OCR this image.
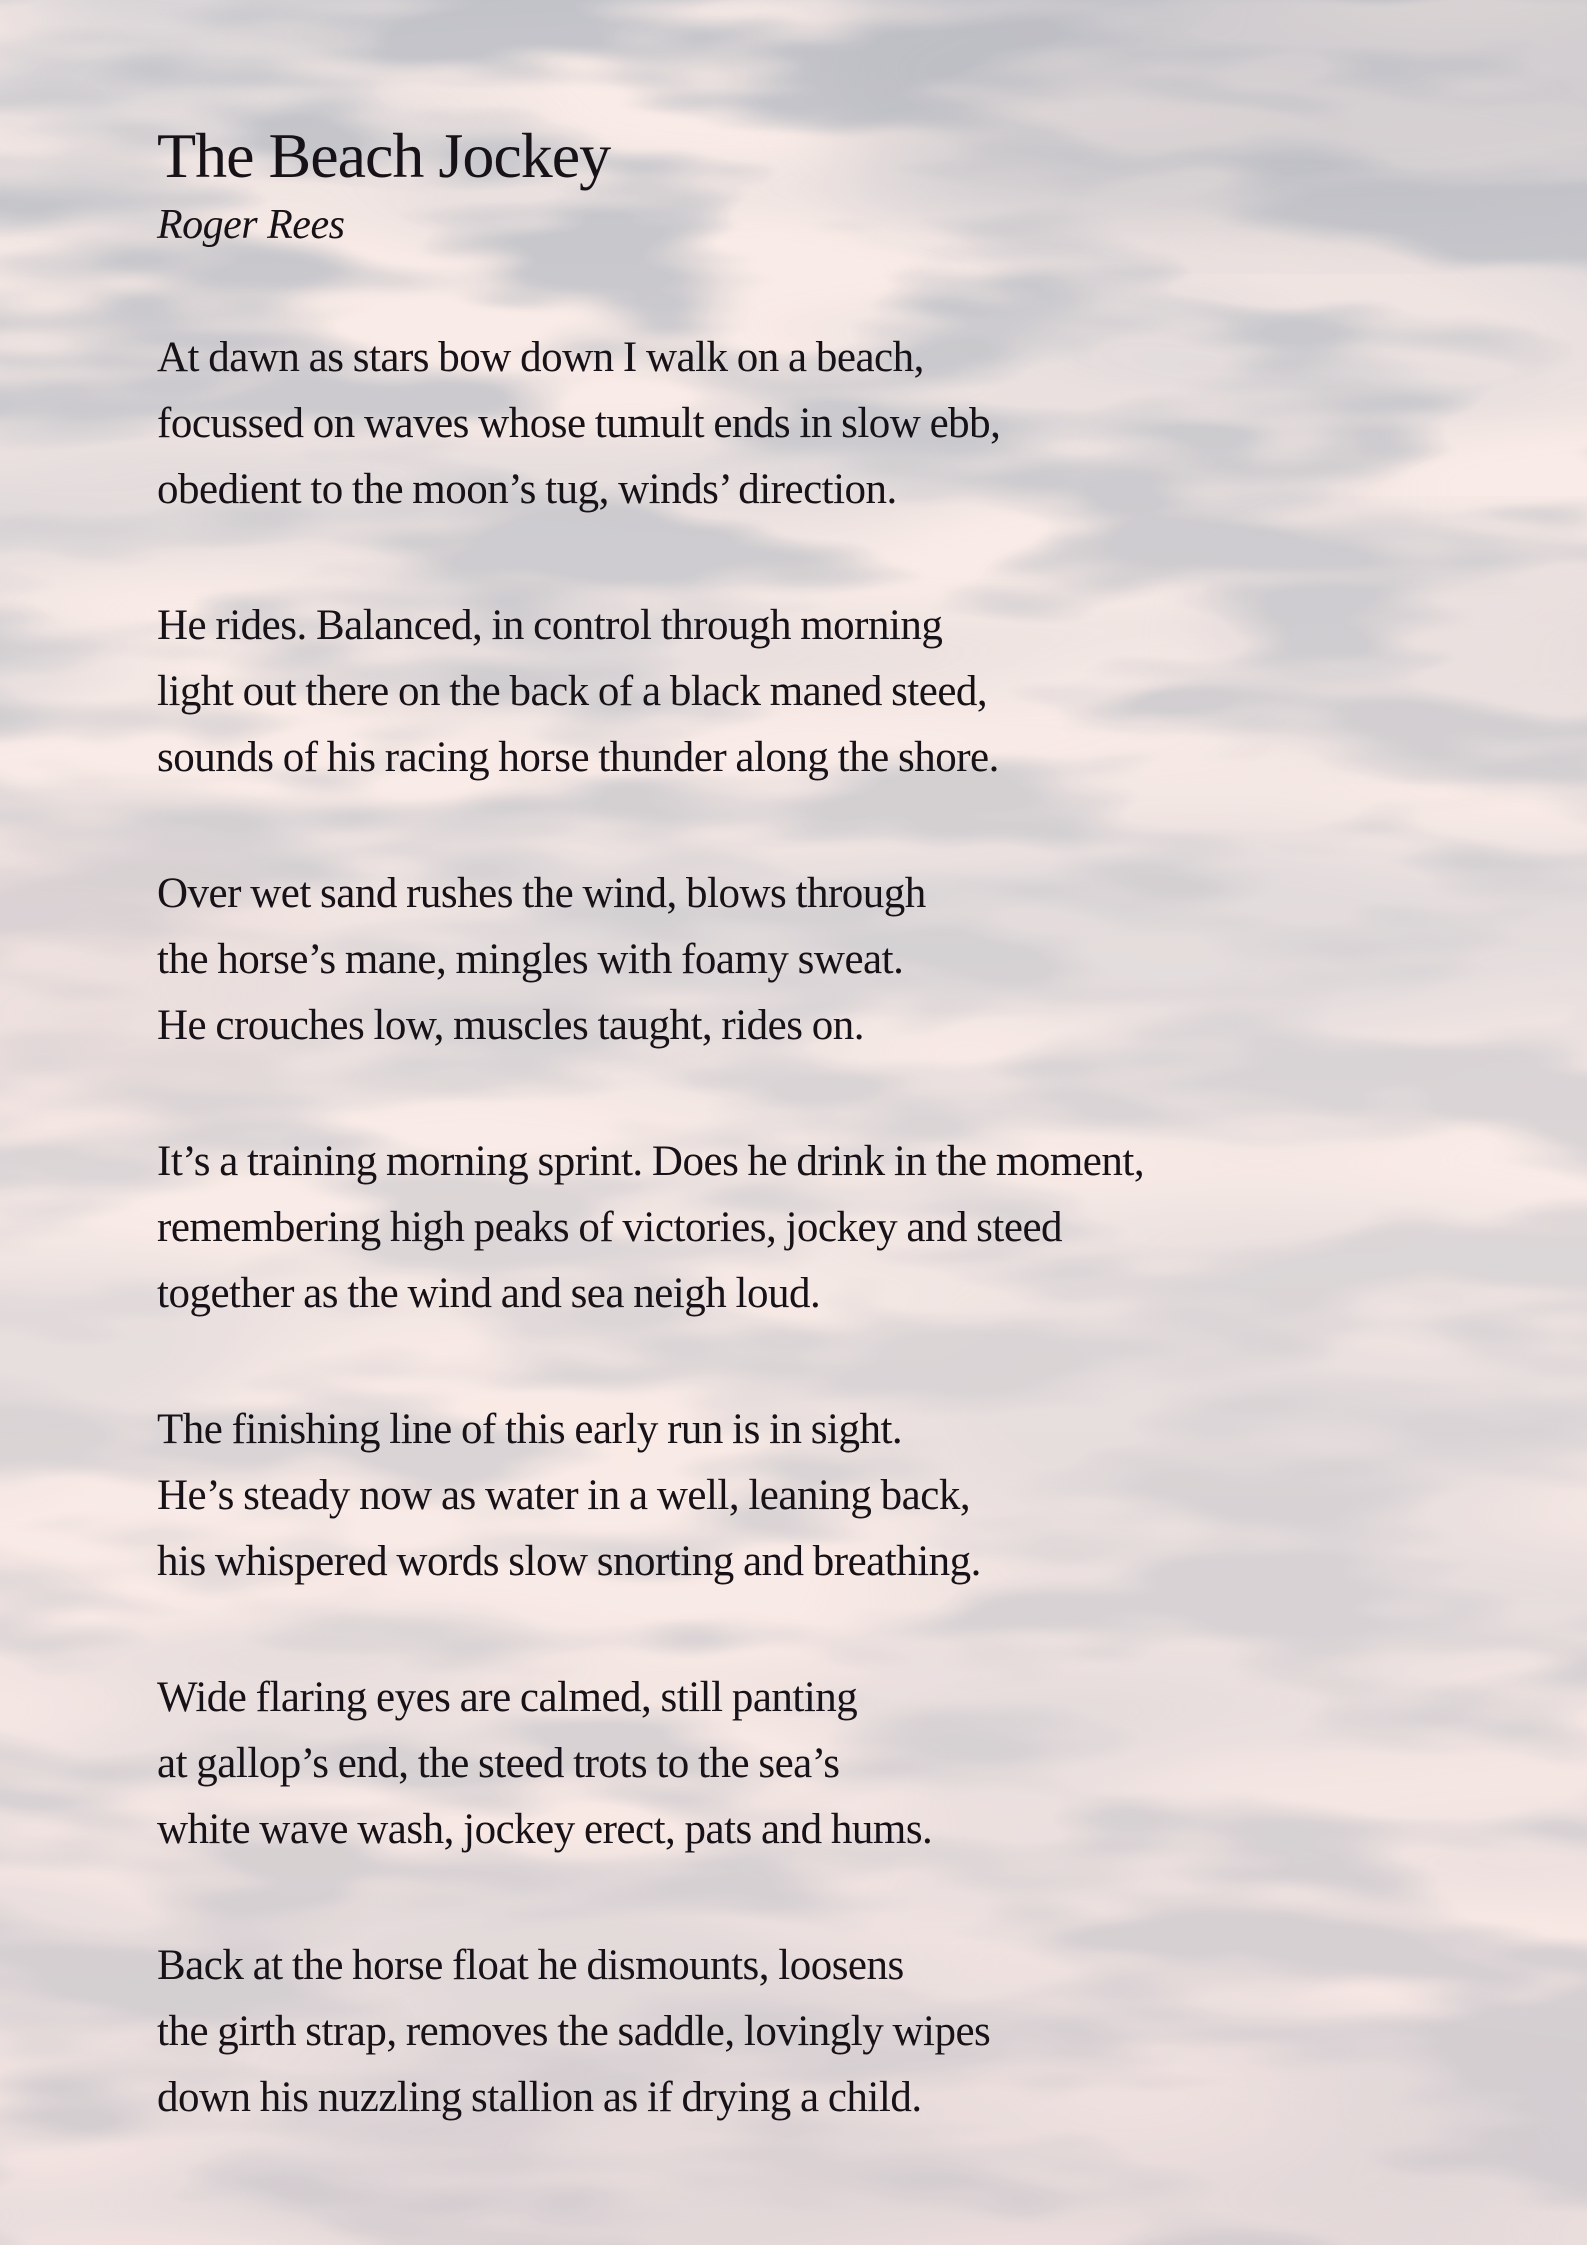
The Beach Jockey

Roger Rees

At dawn as stars bow down I walk on a beach,
focussed on waves whose tumult ends in slow ebb,
obedient to the moon’s tug, winds’ direction.

He rides. Balanced, in control through morning
light out there on the back of a black maned steed,
sounds of his racing horse thunder along the shore.

Over wet sand rushes the wind, blows through
the horse’s mane, mingles with foamy sweat.
He crouches low, muscles taught, rides on.

It’s a training morning sprint. Does he drink in the moment,
remembering high peaks of victories, jockey and steed
together as the wind and sea neigh loud.

The finishing line of this early run is in sight.
He’s steady now as water in a well, leaning back,
his whispered words slow snorting and breathing.

Wide flaring eyes are calmed, still panting
at gallop’s end, the steed trots to the sea’s
white wave wash, jockey erect, pats and hums.

Back at the horse float he dismounts, loosens
the girth strap, removes the saddle, lovingly wipes
down his nuzzling stallion as if drying a child.
